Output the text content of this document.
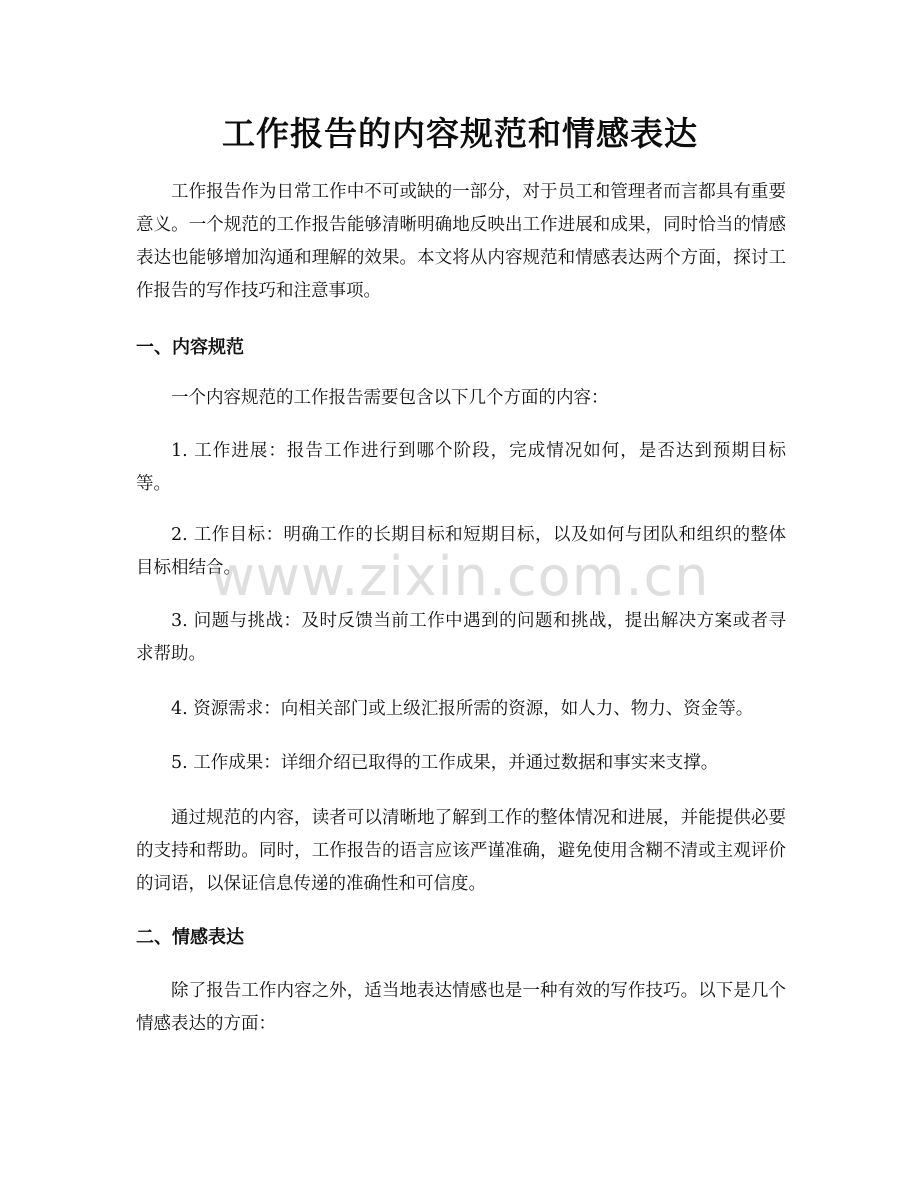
工作报告的内容规范和情感表达

工作报告作为日常工作中不可或缺的一部分，对于员工和管理者而言都具有重要意义。一个规范的工作报告能够清晰明确地反映出工作进展和成果，同时恰当的情感表达也能够增加沟通和理解的效果。本文将从内容规范和情感表达两个方面，探讨工作报告的写作技巧和注意事项。

一、内容规范

一个内容规范的工作报告需要包含以下几个方面的内容：

1. 工作进展：报告工作进行到哪个阶段，完成情况如何，是否达到预期目标等。

2. 工作目标：明确工作的长期目标和短期目标，以及如何与团队和组织的整体目标相结合。

3. 问题与挑战：及时反馈当前工作中遇到的问题和挑战，提出解决方案或者寻求帮助。

4. 资源需求：向相关部门或上级汇报所需的资源，如人力、物力、资金等。

5. 工作成果：详细介绍已取得的工作成果，并通过数据和事实来支撑。

通过规范的内容，读者可以清晰地了解到工作的整体情况和进展，并能提供必要的支持和帮助。同时，工作报告的语言应该严谨准确，避免使用含糊不清或主观评价的词语，以保证信息传递的准确性和可信度。

二、情感表达

除了报告工作内容之外，适当地表达情感也是一种有效的写作技巧。以下是几个情感表达的方面：

www.zixin.com.cn
